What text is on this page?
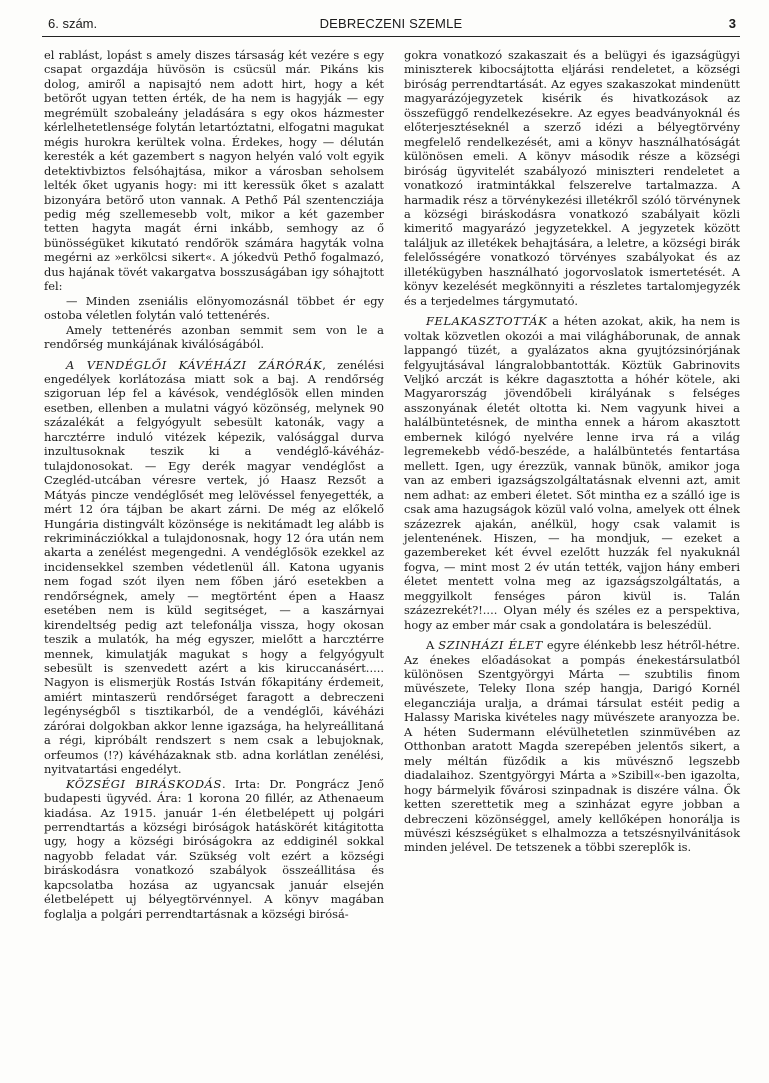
6. szám.	DEBRECZENI SZEMLE	3

el rablást, lopást s amely diszes társaság két vezére s egy csapat orgazdája hüvösön is csücsül már. Pikáns kis dolog, amiről a napisajtó nem adott hirt, hogy a két betörőt ugyan tetten érték, de ha nem is hagyják — egy megrémült szobaleány jeladására s egy okos házmester kérlelhetetlensége folytán letartóztatni, elfogatni magukat mégis hurokra kerültek volna. Érdekes, hogy — délután keresték a két gazembert s nagyon helyén való volt egyik detektivbiztos felsóhajtása, mikor a városban seholsem lelték őket ugyanis hogy: mi itt keressük őket s azalatt bizonyára betörő uton vannak. A Pethő Pál szentencziája pedig még szellemesebb volt, mikor a két gazember tetten hagyta magát érni inkább, semhogy az ő bünösségüket kikutató rendőrök számára hagyták volna megérni az »erkölcsi sikert«. A jókedvü Pethő fogalmazó, dus hajának tövét vakargatva bosszuságában igy sóhajtott fel:

— Minden zseniális elönyomozásnál többet ér egy ostoba véletlen folytán való tettenérés.

Amely tettenérés azonban semmit sem von le a rendőrség munkájának kiválóságából.

A VENDÉGLŐI KÁVÉHÁZI ZÁRÓRÁK, zenélési engedélyek korlátozása miatt sok a baj. A rendőrség szigoruan lép fel a kávésok, vendéglősök ellen minden esetben, ellenben a mulatni vágyó közönség, melynek 90 százalékát a felgyógyult sebesült katonák, vagy a harcztérre induló vitézek képezik, valósággal durva inzultusoknak teszik ki a vendéglő-kávéház-tulajdonosokat. — Egy derék magyar vendéglőst a Czegléd-utcában véresre vertek, jó Haasz Rezsőt a Mátyás pincze vendéglősét meg lelövéssel fenyegették, a mért 12 óra tájban be akart zárni. De még az előkelő Hungária distingvált közönsége is nekitámadt leg alább is rekriminácziókkal a tulajdonosnak, hogy 12 óra után nem akarta a zenélést megengedni. A vendéglősök ezekkel az incidensekkel szemben védetlenül áll. Katona ugyanis nem fogad szót ilyen nem főben járó esetekben a rendőrségnek, amely — megtörtént épen a Haasz esetében nem is küld segitséget, — a kaszárnyai kirendeltség pedig azt telefonálja vissza, hogy okosan teszik a mulatók, ha még egyszer, mielőtt a harcztérre mennek, kimulatják magukat s hogy a felgyógyult sebesült is szenvedett azért a kis kiruccanásért..... Nagyon is elismerjük Rostás István főkapitány érdemeit, amiért mintaszerü rendőrséget faragott a debreczeni legénységből s tisztikarból, de a vendéglői, kávéházi zárórai dolgokban akkor lenne igazsága, ha helyreállitaná a régi, kipróbált rendszert s nem csak a lebujoknak, orfeumos (!?) kávéházaknak stb. adna korlátlan zenélési, nyitvatartási engedélyt.

KÖZSÉGI BIRÁSKODÁS. Irta: Dr. Pongrácz Jenő budapesti ügyvéd. Ára: 1 korona 20 fillér, az Athenaeum kiadása. Az 1915. január 1-én életbelépett uj polgári perrendtartás a községi biróságok hatáskörét kitágitotta ugy, hogy a községi biróságokra az eddiginél sokkal nagyobb feladat vár. Szükség volt ezért a községi biráskodásra vonatkozó szabályok összeállitása és kapcsolatba hozása az ugyancsak január elsején életbelépett uj bélyegtörvénnyel. A könyv magában foglalja a polgári perrendtartásnak a községi birósá-

gokra vonatkozó szakaszait és a belügyi és igazságügyi miniszterek kibocsájtotta eljárási rendeletet, a községi biróság perrendtartását. Az egyes szakaszokat mindenütt magyarázójegyzetek kisérik és hivatkozások az összefüggő rendelkezésekre. Az egyes beadványoknál és előterjesztéseknél a szerző idézi a bélyegtörvény megfelelő rendelkezését, ami a könyv használhatóságát különösen emeli. A könyv második része a községi biróság ügyvitelét szabályozó miniszteri rendeletet a vonatkozó iratmintákkal felszerelve tartalmazza. A harmadik rész a törvénykezési illetékről szóló törvénynek a községi biráskodásra vonatkozó szabályait közli kimeritő magyarázó jegyzetekkel. A jegyzetek között találjuk az illetékek behajtására, a leletre, a községi birák felelősségére vonatkozó törvényes szabályokat és az illetékügyben használható jogorvoslatok ismertetését. A könyv kezelését megkönnyiti a részletes tartalomjegyzék és a terjedelmes tárgymutató.

FELAKASZTOTTÁK a héten azokat, akik, ha nem is voltak közvetlen okozói a mai világháborunak, de annak lappangó tüzét, a gyalázatos akna gyujtózsinórjának felgyujtásával lángralobbantották. Köztük Gabrinovits Veljkó arczát is kékre dagasztotta a hóhér kötele, aki Magyarország jövendőbeli királyának s felséges asszonyának életét oltotta ki. Nem vagyunk hivei a halálbüntetésnek, de mintha ennek a három akasztott embernek kilógó nyelvére lenne irva rá a világ legremekebb védő-beszéde, a halálbüntetés fentartása mellett. Igen, ugy érezzük, vannak bünök, amikor joga van az emberi igazságszolgáltatásnak elvenni azt, amit nem adhat: az emberi életet. Sőt mintha ez a szálló ige is csak ama hazugságok közül való volna, amelyek ott élnek százezrek ajakán, anélkül, hogy csak valamit is jelentenének. Hiszen, — ha mondjuk, — ezeket a gazembereket két évvel ezelőtt huzzák fel nyakuknál fogva, — mint most 2 év után tették, vajjon hány emberi életet mentett volna meg az igazságszolgáltatás, a meggyilkolt fenséges páron kivül is. Talán százezrekét?!.... Olyan mély és széles ez a perspektiva, hogy az ember már csak a gondolatára is beleszédül.

A SZINHÁZI ÉLET egyre élénkebb lesz hétről-hétre. Az énekes előadásokat a pompás énekestársulatból különösen Szentgyörgyi Márta — szubtilis finom müvészete, Teleky Ilona szép hangja, Darigó Kornél elegancziája uralja, a drámai társulat estéit pedig a Halassy Mariska kivételes nagy müvészete aranyozza be. A héten Sudermann elévülhetetlen szinmüvében az Otthonban aratott Magda szerepében jelentős sikert, a mely méltán füződik a kis müvésznő legszebb diadalaihoz. Szentgyörgyi Márta a »Szibill«-ben igazolta, hogy bármelyik fővárosi szinpadnak is diszére válna. Ők ketten szerettetik meg a szinházat egyre jobban a debreczeni közönséggel, amely kellőképen honorálja is müvészi készségüket s elhalmozza a tetszésnyilvánitások minden jelével. De tetszenek a többi szereplők is.
